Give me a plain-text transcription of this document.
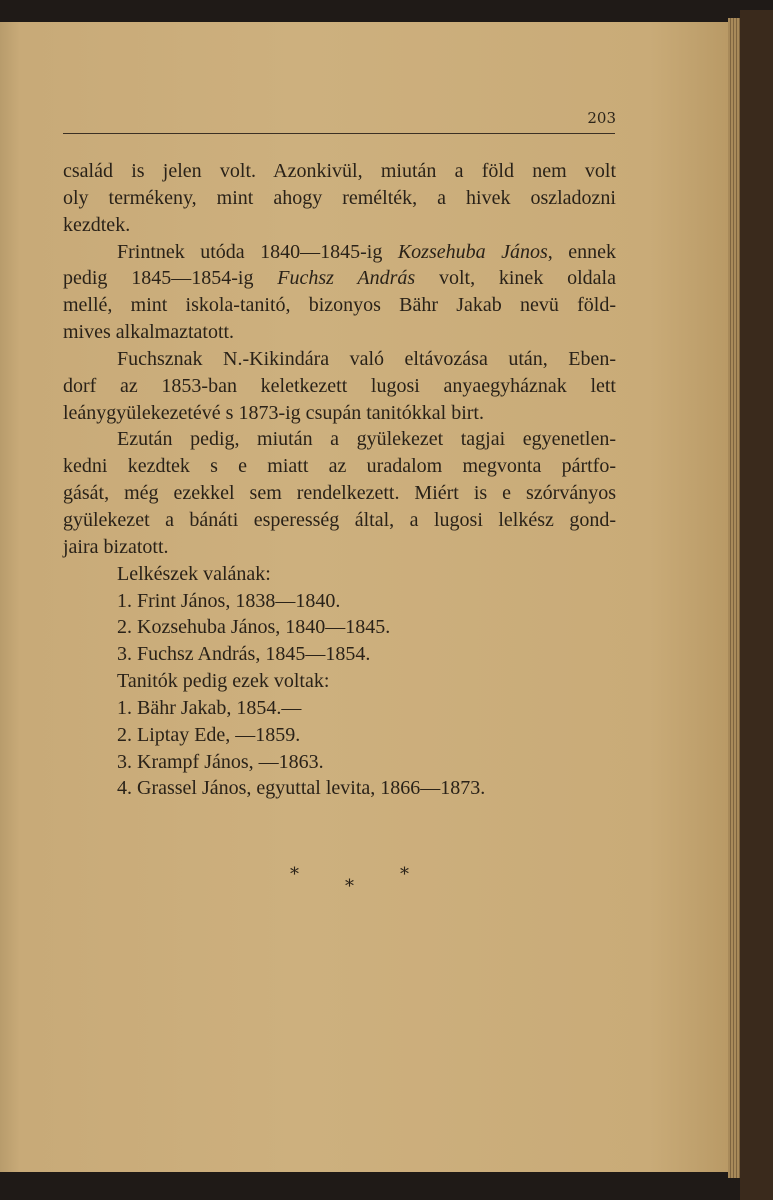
203
család is jelen volt. Azonkivül, miután a föld nem volt
oly termékeny, mint ahogy remélték, a hivek oszladozni
kezdtek.
Frintnek utóda 1840—1845-ig Kozsehuba János, ennek
pedig 1845—1854-ig Fuchsz András volt, kinek oldala
mellé, mint iskola-tanitó, bizonyos Bähr Jakab nevü föld-
mives alkalmaztatott.
Fuchsznak N.-Kikindára való eltávozása után, Eben-
dorf az 1853-ban keletkezett lugosi anyaegyháznak lett
leánygyülekezetévé s 1873-ig csupán tanitókkal birt.
Ezután pedig, miután a gyülekezet tagjai egyenetlen-
kedni kezdtek s e miatt az uradalom megvonta pártfo-
gását, még ezekkel sem rendelkezett. Miért is e szórványos
gyülekezet a bánáti esperesség által, a lugosi lelkész gond-
jaira bizatott.
Lelkészek valának:
1. Frint János, 1838—1840.
2. Kozsehuba János, 1840—1845.
3. Fuchsz András, 1845—1854.
Tanitók pedig ezek voltak:
1. Bähr Jakab, 1854.—
2. Liptay Ede, —1859.
3. Krampf János, —1863.
4. Grassel János, egyuttal levita, 1866—1873.
*	*
*
